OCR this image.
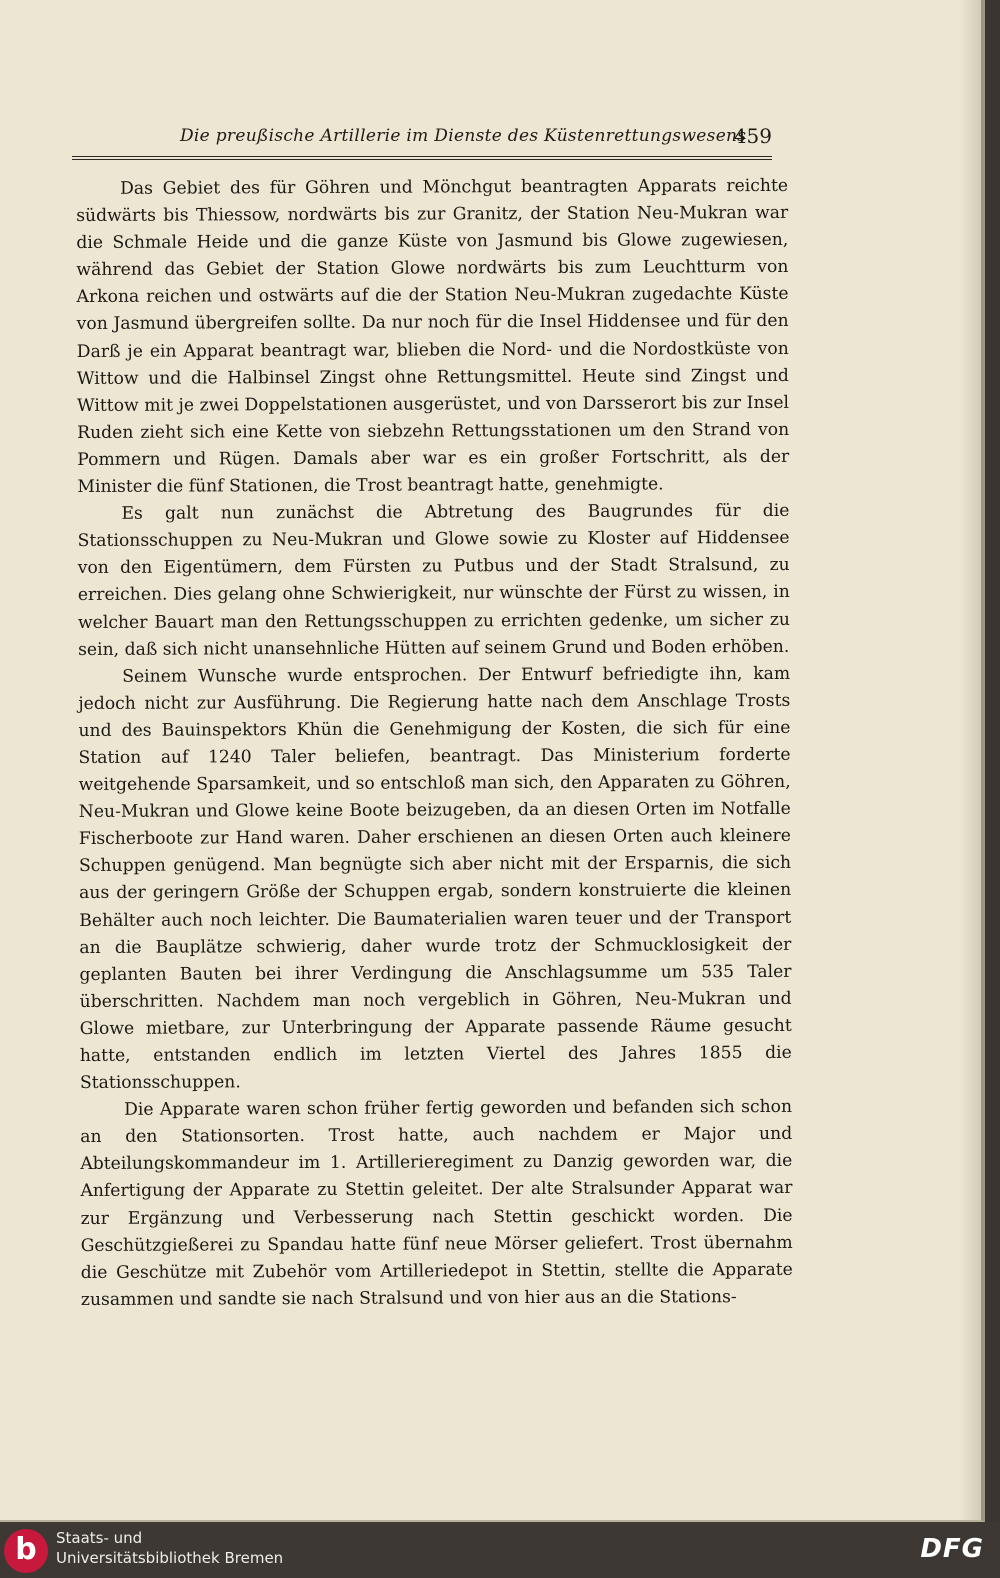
Die preußische Artillerie im Dienste des Küstenrettungswesens
459

Das Gebiet des für Göhren und Mönchgut beantragten Apparats reichte südwärts bis Thiessow, nordwärts bis zur Granitz, der Station Neu-Mukran war die Schmale Heide und die ganze Küste von Jasmund bis Glowe zugewiesen, während das Gebiet der Station Glowe nordwärts bis zum Leuchtturm von Arkona reichen und ostwärts auf die der Station Neu-Mukran zugedachte Küste von Jasmund übergreifen sollte. Da nur noch für die Insel Hiddensee und für den Darß je ein Apparat beantragt war, blieben die Nord- und die Nordostküste von Wittow und die Halbinsel Zingst ohne Rettungsmittel. Heute sind Zingst und Wittow mit je zwei Doppelstationen ausgerüstet, und von Darsserort bis zur Insel Ruden zieht sich eine Kette von siebzehn Rettungsstationen um den Strand von Pommern und Rügen. Damals aber war es ein großer Fortschritt, als der Minister die fünf Stationen, die Trost beantragt hatte, genehmigte.

Es galt nun zunächst die Abtretung des Baugrundes für die Stationsschuppen zu Neu-Mukran und Glowe sowie zu Kloster auf Hiddensee von den Eigentümern, dem Fürsten zu Putbus und der Stadt Stralsund, zu erreichen. Dies gelang ohne Schwierigkeit, nur wünschte der Fürst zu wissen, in welcher Bauart man den Rettungsschuppen zu errichten gedenke, um sicher zu sein, daß sich nicht unansehnliche Hütten auf seinem Grund und Boden erhöben.

Seinem Wunsche wurde entsprochen. Der Entwurf befriedigte ihn, kam jedoch nicht zur Ausführung. Die Regierung hatte nach dem Anschlage Trosts und des Bauinspektors Khün die Genehmigung der Kosten, die sich für eine Station auf 1240 Taler beliefen, beantragt. Das Ministerium forderte weitgehende Sparsamkeit, und so entschloß man sich, den Apparaten zu Göhren, Neu-Mukran und Glowe keine Boote beizugeben, da an diesen Orten im Notfalle Fischerboote zur Hand waren. Daher erschienen an diesen Orten auch kleinere Schuppen genügend. Man begnügte sich aber nicht mit der Ersparnis, die sich aus der geringern Größe der Schuppen ergab, sondern konstruierte die kleinen Behälter auch noch leichter. Die Baumaterialien waren teuer und der Transport an die Bauplätze schwierig, daher wurde trotz der Schmucklosigkeit der geplanten Bauten bei ihrer Verdingung die Anschlagsumme um 535 Taler überschritten. Nachdem man noch vergeblich in Göhren, Neu-Mukran und Glowe mietbare, zur Unterbringung der Apparate passende Räume gesucht hatte, entstanden endlich im letzten Viertel des Jahres 1855 die Stationsschuppen.

Die Apparate waren schon früher fertig geworden und befanden sich schon an den Stationsorten. Trost hatte, auch nachdem er Major und Abteilungskommandeur im 1. Artillerieregiment zu Danzig geworden war, die Anfertigung der Apparate zu Stettin geleitet. Der alte Stralsunder Apparat war zur Ergänzung und Verbesserung nach Stettin geschickt worden. Die Geschützgießerei zu Spandau hatte fünf neue Mörser geliefert. Trost übernahm die Geschütze mit Zubehör vom Artilleriedepot in Stettin, stellte die Apparate zusammen und sandte sie nach Stralsund und von hier aus an die Stations-

b	Staats- und
Universitätsbibliothek Bremen	DFG
